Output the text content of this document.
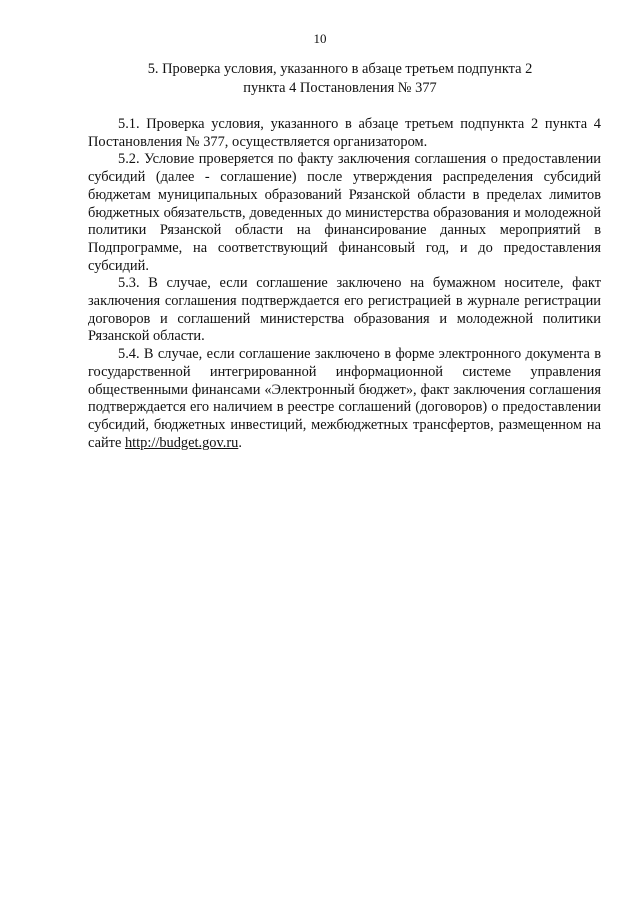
10
5. Проверка условия, указанного в абзаце третьем подпункта 2
пункта 4 Постановления № 377

5.1. Проверка условия, указанного в абзаце третьем подпункта 2 пункта 4 Постановления № 377, осуществляется организатором.

5.2. Условие проверяется по факту заключения соглашения о предоставлении субсидий (далее - соглашение) после утверждения распределения субсидий бюджетам муниципальных образований Рязанской области в пределах лимитов бюджетных обязательств, доведенных до министерства образования и молодежной политики Рязанской области на финансирование данных мероприятий в Подпрограмме, на соответствующий финансовый год, и до предоставления субсидий.

5.3. В случае, если соглашение заключено на бумажном носителе, факт заключения соглашения подтверждается его регистрацией в журнале регистрации договоров и соглашений министерства образования и молодежной политики Рязанской области.

5.4. В случае, если соглашение заключено в форме электронного документа в государственной интегрированной информационной системе управления общественными финансами «Электронный бюджет», факт заключения соглашения подтверждается его наличием в реестре соглашений (договоров) о предоставлении субсидий, бюджетных инвестиций, межбюджетных трансфертов, размещенном на сайте http://budget.gov.ru.
